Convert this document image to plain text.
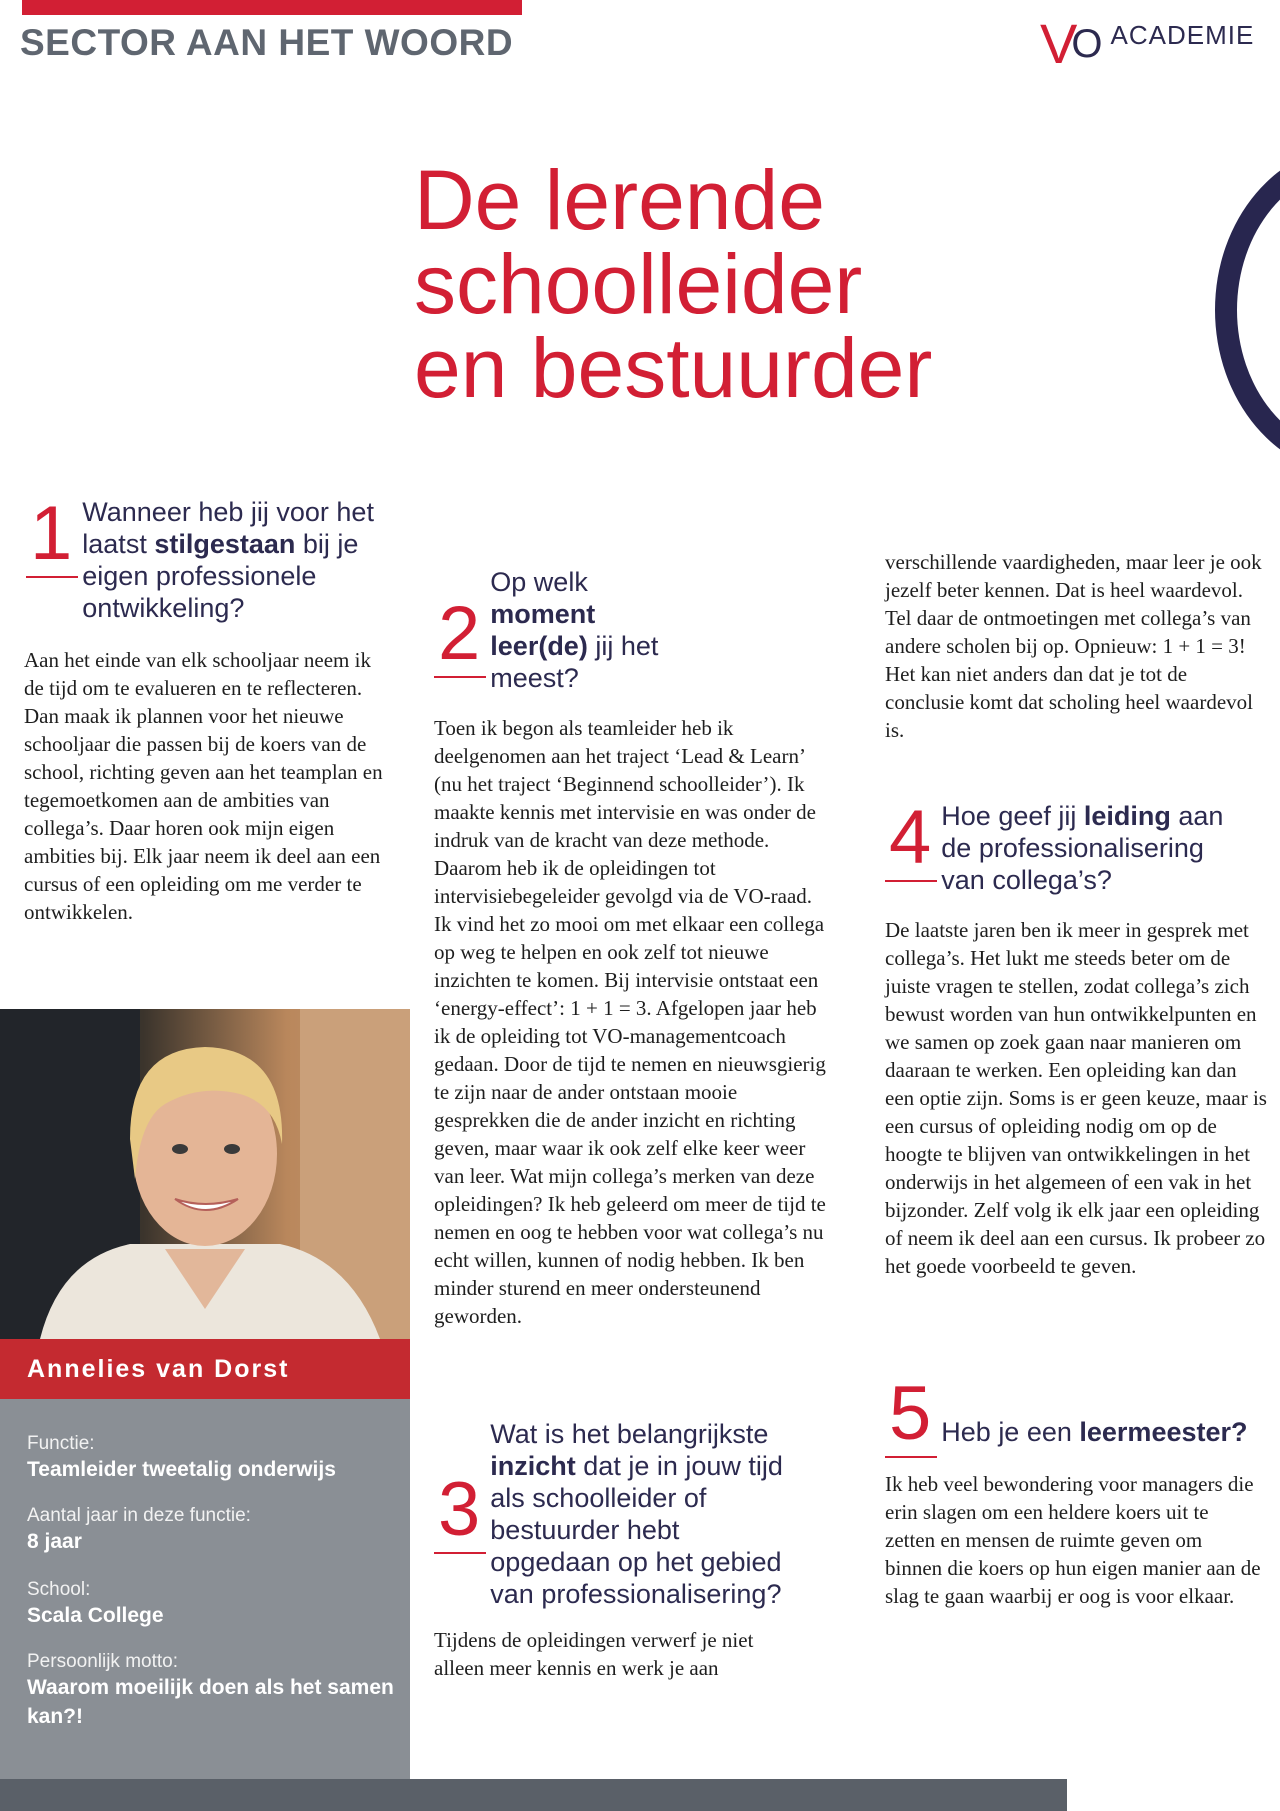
SECTOR AAN HET WOORD	V
O ACADEMIE
De lerende
schoolleider
en bestuurder
1 Wanneer heb jij voor het laatst stilgestaan bij je eigen professionele ontwikkeling?

Aan het einde van elk schooljaar neem ik de tijd om te evalueren en te reflecteren. Dan maak ik plannen voor het nieuwe schooljaar die passen bij de koers van de school, richting geven aan het teamplan en tegemoetkomen aan de ambities van collega’s. Daar horen ook mijn eigen ambities bij. Elk jaar neem ik deel aan een cursus of een opleiding om me verder te ontwikkelen.

Annelies van Dorst
Functie:
Teamleider tweetalig onderwijs
Aantal jaar in deze functie:
8 jaar
School:
Scala College
Persoonlijk motto:
Waarom moeilijk doen als het samen kan?!
2
Op welk moment leer(de) jij het meest?

Toen ik begon als teamleider heb ik deelgenomen aan het traject ‘Lead & Learn’ (nu het traject ‘Beginnend schoolleider’). Ik maakte kennis met intervisie en was onder de indruk van de kracht van deze methode. Daarom heb ik de opleidingen tot intervisiebegeleider gevolgd via de VO-raad. Ik vind het zo mooi om met elkaar een collega op weg te helpen en ook zelf tot nieuwe inzichten te komen. Bij intervisie ontstaat een ‘energy-effect’: 1 + 1 = 3. Afgelopen jaar heb ik de opleiding tot VO-managementcoach gedaan. Door de tijd te nemen en nieuwsgierig te zijn naar de ander ontstaan mooie gesprekken die de ander inzicht en richting geven, maar waar ik ook zelf elke keer weer van leer. Wat mijn collega’s merken van deze opleidingen? Ik heb geleerd om meer de tijd te nemen en oog te hebben voor wat collega’s nu echt willen, kunnen of nodig hebben. Ik ben minder sturend en meer ondersteunend geworden.

3
Wat is het belangrijkste inzicht dat je in jouw tijd als schoolleider of bestuurder hebt opgedaan op het gebied van professionalisering?

Tijdens de opleidingen verwerf je niet alleen meer kennis en werk je aan

verschillende vaardigheden, maar leer je ook jezelf beter kennen. Dat is heel waardevol. Tel daar de ontmoetingen met collega’s van andere scholen bij op. Opnieuw: 1 + 1 = 3! Het kan niet anders dan dat je tot de conclusie komt dat scholing heel waardevol is.

4 Hoe geef jij leiding aan de professionalisering van collega’s?

De laatste jaren ben ik meer in gesprek met collega’s. Het lukt me steeds beter om de juiste vragen te stellen, zodat collega’s zich bewust worden van hun ontwikkelpunten en we samen op zoek gaan naar manieren om daaraan te werken. Een opleiding kan dan een optie zijn. Soms is er geen keuze, maar is een cursus of opleiding nodig om op de hoogte te blijven van ontwikkelingen in het onderwijs in het algemeen of een vak in het bijzonder. Zelf volg ik elk jaar een opleiding of neem ik deel aan een cursus. Ik probeer zo het goede voorbeeld te geven.

5 Heb je een leermeester?

Ik heb veel bewondering voor managers die erin slagen om een heldere koers uit te zetten en mensen de ruimte geven om binnen die koers op hun eigen manier aan de slag te gaan waarbij er oog is voor elkaar.
